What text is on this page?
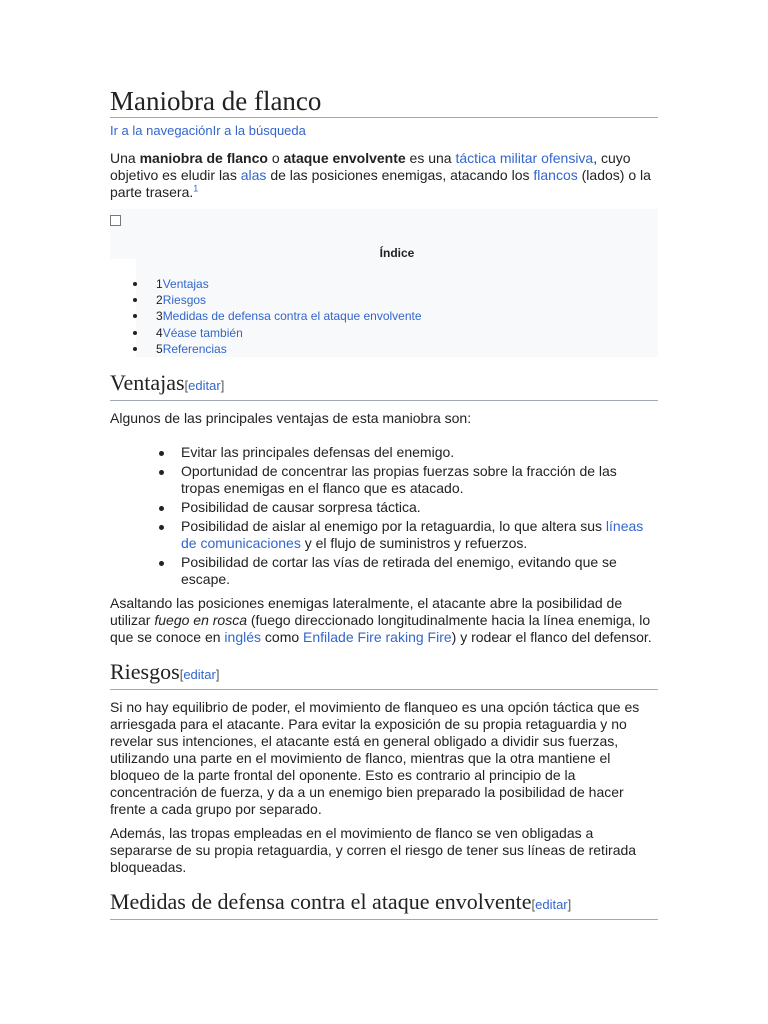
Maniobra de flanco
Ir a la navegaciónIr a la búsqueda

Una maniobra de flanco o ataque envolvente es una táctica militar ofensiva, cuyo objetivo es eludir las alas de las posiciones enemigas, atacando los flancos (lados) o la parte trasera.$^1$

Índice
1Ventajas
2Riesgos
3Medidas de defensa contra el ataque envolvente
4Véase también
5Referencias
Ventajas[editar]

Algunos de las principales ventajas de esta maniobra son:

Evitar las principales defensas del enemigo.
Oportunidad de concentrar las propias fuerzas sobre la fracción de las tropas enemigas en el flanco que es atacado.
Posibilidad de causar sorpresa táctica.
Posibilidad de aislar al enemigo por la retaguardia, lo que altera sus líneas de comunicaciones y el flujo de suministros y refuerzos.
Posibilidad de cortar las vías de retirada del enemigo, evitando que se escape.

Asaltando las posiciones enemigas lateralmente, el atacante abre la posibilidad de utilizar fuego en rosca (fuego direccionado longitudinalmente hacia la línea enemiga, lo que se conoce en inglés como Enfilade Fire raking Fire) y rodear el flanco del defensor.

Riesgos[editar]

Si no hay equilibrio de poder, el movimiento de flanqueo es una opción táctica que es arriesgada para el atacante. Para evitar la exposición de su propia retaguardia y no revelar sus intenciones, el atacante está en general obligado a dividir sus fuerzas, utilizando una parte en el movimiento de flanco, mientras que la otra mantiene el bloqueo de la parte frontal del oponente. Esto es contrario al principio de la concentración de fuerza, y da a un enemigo bien preparado la posibilidad de hacer frente a cada grupo por separado.

Además, las tropas empleadas en el movimiento de flanco se ven obligadas a separarse de su propia retaguardia, y corren el riesgo de tener sus líneas de retirada bloqueadas.

Medidas de defensa contra el ataque envolvente[editar]
